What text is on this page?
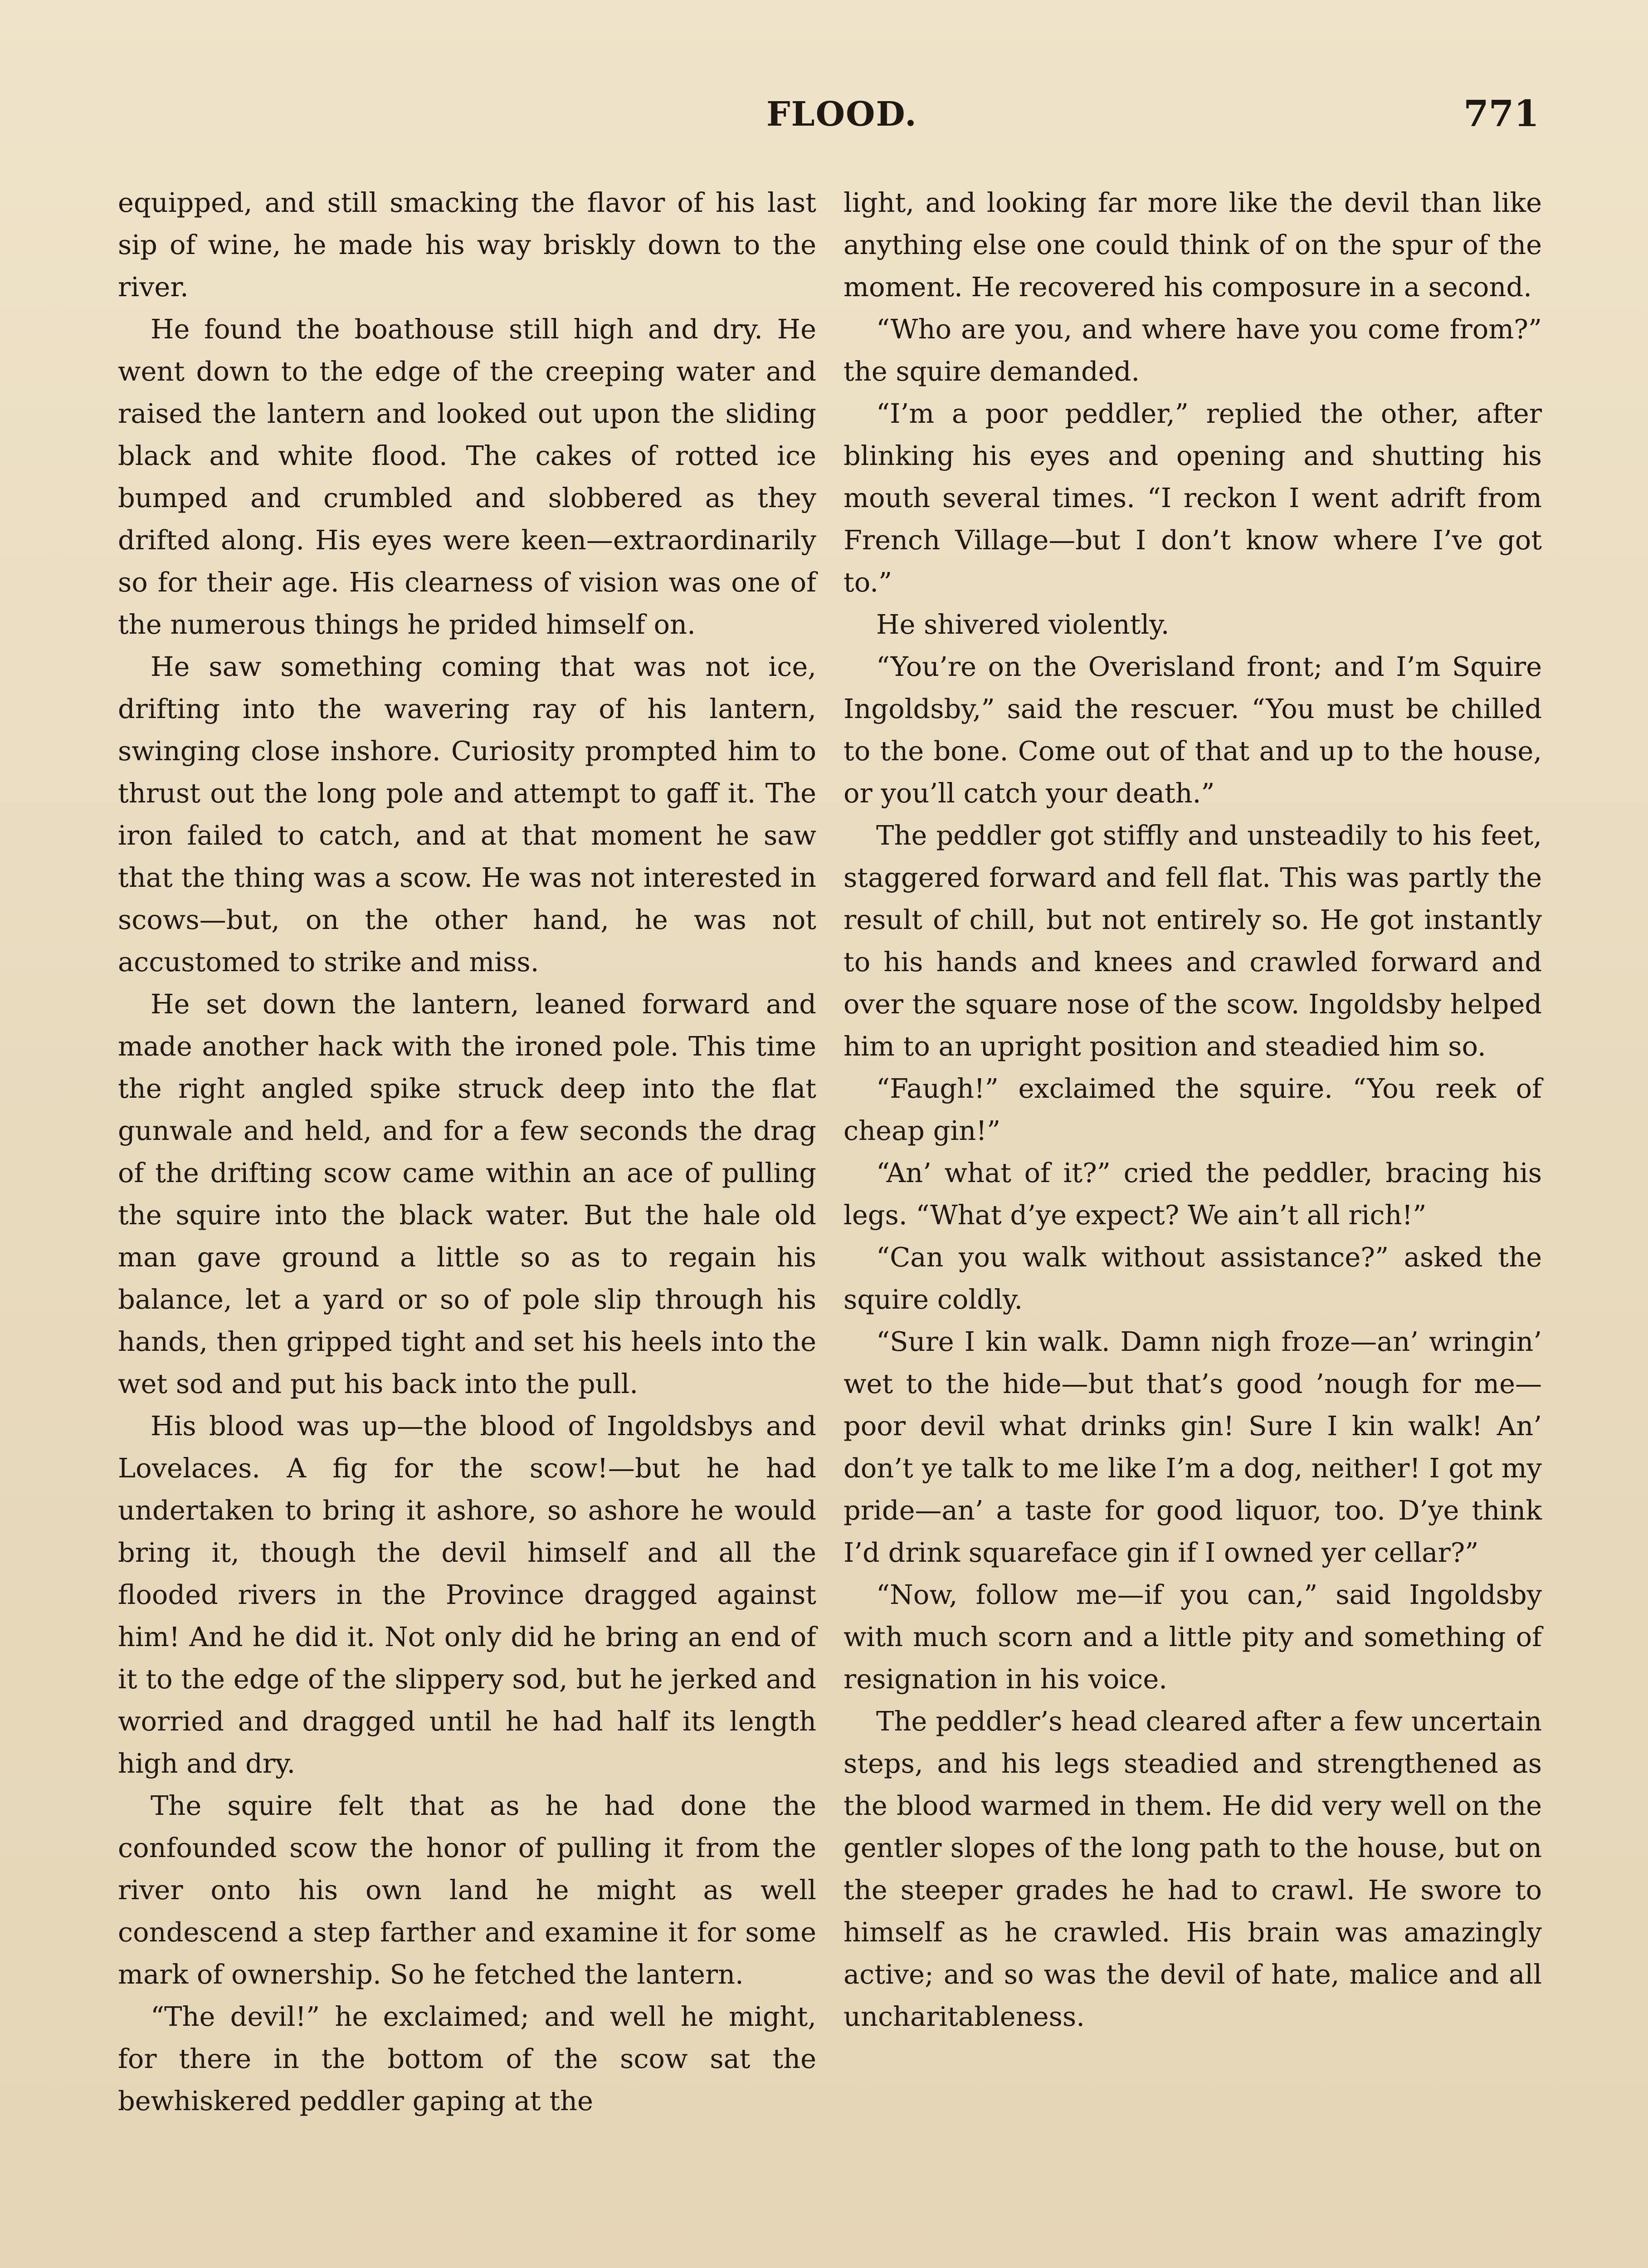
FLOOD.	771

equipped, and still smacking the flavor of his last sip of wine, he made his way briskly down to the river.

He found the boathouse still high and dry. He went down to the edge of the creeping water and raised the lantern and looked out upon the sliding black and white flood. The cakes of rotted ice bumped and crumbled and slobbered as they drifted along. His eyes were keen—extraordinarily so for their age. His clearness of vision was one of the numerous things he prided himself on.

He saw something coming that was not ice, drifting into the wavering ray of his lantern, swinging close inshore. Curiosity prompted him to thrust out the long pole and attempt to gaff it. The iron failed to catch, and at that moment he saw that the thing was a scow. He was not interested in scows—but, on the other hand, he was not accustomed to strike and miss.

He set down the lantern, leaned forward and made another hack with the ironed pole. This time the right angled spike struck deep into the flat gunwale and held, and for a few seconds the drag of the drifting scow came within an ace of pulling the squire into the black water. But the hale old man gave ground a little so as to regain his balance, let a yard or so of pole slip through his hands, then gripped tight and set his heels into the wet sod and put his back into the pull.

His blood was up—the blood of Ingoldsbys and Lovelaces. A fig for the scow!—but he had undertaken to bring it ashore, so ashore he would bring it, though the devil himself and all the flooded rivers in the Province dragged against him! And he did it. Not only did he bring an end of it to the edge of the slippery sod, but he jerked and worried and dragged until he had half its length high and dry.

The squire felt that as he had done the confounded scow the honor of pulling it from the river onto his own land he might as well condescend a step farther and examine it for some mark of ownership. So he fetched the lantern.

“The devil!” he exclaimed; and well he might, for there in the bottom of the scow sat the bewhiskered peddler gaping at the

light, and looking far more like the devil than like anything else one could think of on the spur of the moment. He recovered his composure in a second.

“Who are you, and where have you come from?” the squire demanded.

“I’m a poor peddler,” replied the other, after blinking his eyes and opening and shutting his mouth several times. “I reckon I went adrift from French Village—but I don’t know where I’ve got to.”

He shivered violently.

“You’re on the Overisland front; and I’m Squire Ingoldsby,” said the rescuer. “You must be chilled to the bone. Come out of that and up to the house, or you’ll catch your death.”

The peddler got stiffly and unsteadily to his feet, staggered forward and fell flat. This was partly the result of chill, but not entirely so. He got instantly to his hands and knees and crawled forward and over the square nose of the scow. Ingoldsby helped him to an upright position and steadied him so.

“Faugh!” exclaimed the squire. “You reek of cheap gin!”

“An’ what of it?” cried the peddler, bracing his legs. “What d’ye expect? We ain’t all rich!”

“Can you walk without assistance?” asked the squire coldly.

“Sure I kin walk. Damn nigh froze—an’ wringin’ wet to the hide—but that’s good ’nough for me—poor devil what drinks gin! Sure I kin walk! An’ don’t ye talk to me like I’m a dog, neither! I got my pride—an’ a taste for good liquor, too. D’ye think I’d drink squareface gin if I owned yer cellar?”

“Now, follow me—if you can,” said Ingoldsby with much scorn and a little pity and something of resignation in his voice.

The peddler’s head cleared after a few uncertain steps, and his legs steadied and strengthened as the blood warmed in them. He did very well on the gentler slopes of the long path to the house, but on the steeper grades he had to crawl. He swore to himself as he crawled. His brain was amazingly active; and so was the devil of hate, malice and all uncharitableness.
